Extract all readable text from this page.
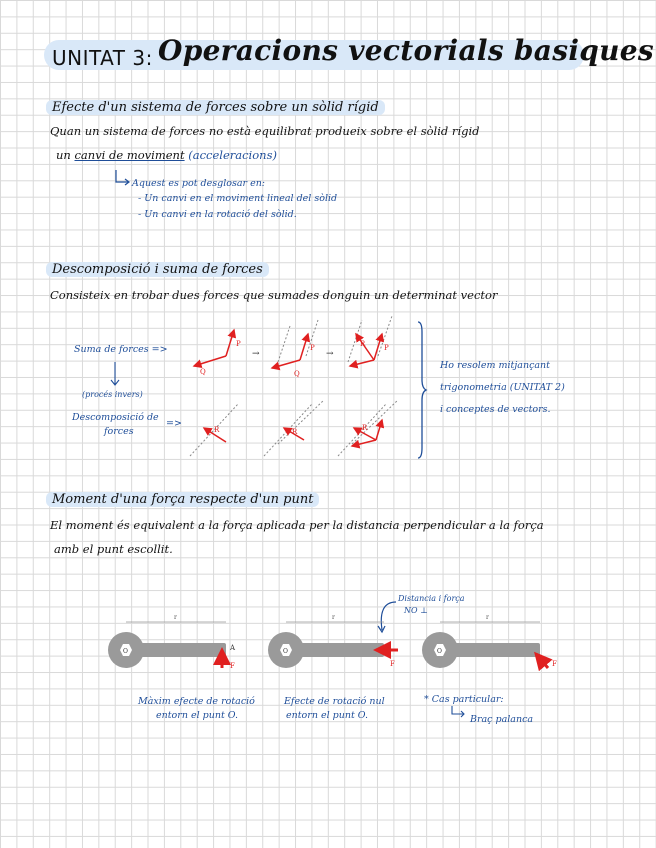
UNITAT 3: Operacions vectorials basiques
Efecte d'un sistema de forces sobre un sòlid rígid
Quan un sistema de forces no està equilibrat produeix sobre el sòlid rígid
un canvi de moviment (acceleracions)
Aquest es pot desglosar en:
- Un canvi en el moviment lineal del sòlid
- Un canvi en la rotació del sòlid.
Descomposició i suma de forces
Consisteix en trobar dues forces que sumades donguin un determinat vector
Suma de forces =>
(procés invers)
Descomposició de
forces
=>
Q
P
→
Q
P
→
R	P
R	R	R
Ho resolem mitjançant
trigonometria (UNITAT 2)
i conceptes de vectors.
Moment d'una força respecte d'un punt
El moment és equivalent a la força aplicada per la distancia perpendicular a la força
amb el punt escollit.
Distancia i força
NO ⊥
r
O	A
F
r
O
F
r
O
F
Màxim efecte de rotació
entorn el punt O.
Efecte de rotació nul
entorn el punt O.
* Cas particular:
Braç palanca
